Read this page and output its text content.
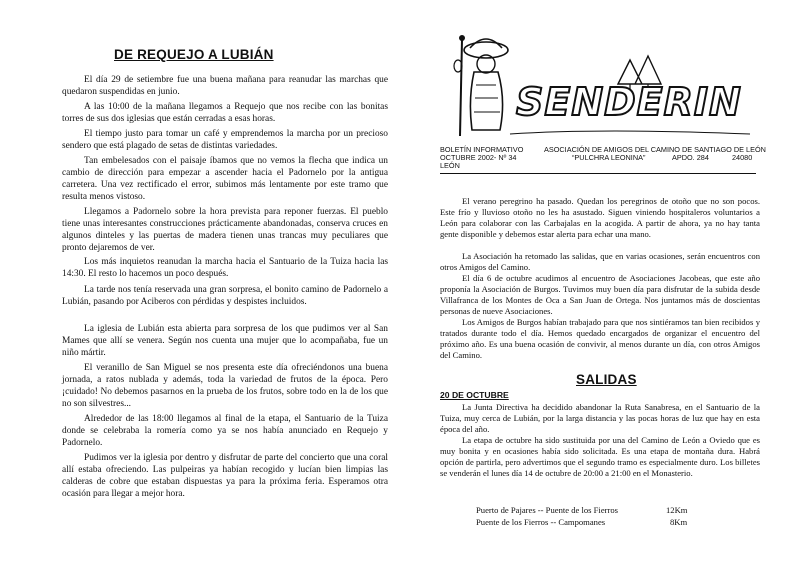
DE REQUEJO A LUBIÁN

El día 29 de setiembre fue una buena mañana para reanudar las marchas que quedaron suspendidas en junio.

A las 10:00 de la mañana llegamos a Requejo que nos recibe con las bonitas torres de sus dos iglesias que están cerradas a esas horas.

El tiempo justo para tomar un café y emprendemos la marcha por un precioso sendero que está plagado de setas de distintas variedades.

Tan embelesados con el paisaje íbamos que no vemos la flecha que indica un cambio de dirección para empezar a ascender hacia el Padornelo por la antigua carretera. Una vez rectificado el error, subimos más lentamente por este tramo que resulta menos vistoso.

Llegamos a Padornelo sobre la hora prevista para reponer fuerzas. El pueblo tiene unas interesantes construcciones prácticamente abandonadas, conserva cruces en algunos dinteles y las puertas de madera tienen unas trancas muy peculiares que pronto dejaremos de ver.

Los más inquietos reanudan la marcha hacia el Santuario de la Tuiza hacia las 14:30. El resto lo hacemos un poco después.

La tarde nos tenía reservada una gran sorpresa, el bonito camino de Padornelo a Lubián, pasando por Aciberos con pérdidas y despistes incluidos.

La iglesia de Lubián esta abierta para sorpresa de los que pudimos ver al San Mames que allí se venera. Según nos cuenta una mujer que lo acompañaba, fue un niño mártir.

El veranillo de San Miguel se nos presenta este día ofreciéndonos una buena jornada, a ratos nublada y además, toda la variedad de frutos de la época. Pero ¡cuidado! No debemos pasarnos en la prueba de los frutos, sobre todo en la de los que no son silvestres...

Alrededor de las 18:00 llegamos al final de la etapa, el Santuario de la Tuiza donde se celebraba la romería como ya se nos había anunciado en Requejo y Padornelo.

Pudimos ver la iglesia por dentro y disfrutar de parte del concierto que una coral allí estaba ofreciendo. Las pulpeiras ya habían recogido y lucían bien limpias las calderas de cobre que estaban dispuestas ya para la próxima feria. Esperamos otra ocasión para llegar a mejor hora.

SENDERIN
BOLETÍN INFORMATIVO
OCTUBRE 2002- Nº 34
LEÓN
ASOCIACIÓN DE AMIGOS DEL CAMINO DE SANTIAGO DE LEÓN
“PULCHRA LEONINA”	APDO. 284	24080

El verano peregrino ha pasado. Quedan los peregrinos de otoño que no son pocos. Este frío y lluvioso otoño no les ha asustado. Siguen viniendo hospitaleros voluntarios a León para colaborar con las Carbajalas en la acogida. A partir de ahora, ya no hay tanta gente disponible y debemos estar alerta para echar una mano.

La Asociación ha retomado las salidas, que en varias ocasiones, serán encuentros con otros Amigos del Camino.

El día 6 de octubre acudimos al encuentro de Asociaciones Jacobeas, que este año proponía la Asociación de Burgos. Tuvimos muy buen día para disfrutar de la subida desde Villafranca de los Montes de Oca a San Juan de Ortega. Nos juntamos más de doscientas personas de nueve Asociaciones.

Los Amigos de Burgos habían trabajado para que nos sintiéramos tan bien recibidos y tratados durante todo el día. Hemos quedado encargados de organizar el encuentro del próximo año. Es una buena ocasión de convivir, al menos durante un día, con otros Amigos del Camino.

SALIDAS
20 DE OCTUBRE

La Junta Directiva ha decidido abandonar la Ruta Sanabresa, en el Santuario de la Tuiza, muy cerca de Lubián, por la larga distancia y las pocas horas de luz que hay en esta época del año.

La etapa de octubre ha sido sustituida por una del Camino de León a Oviedo que es muy bonita y en ocasiones había sido solicitada. Es una etapa de montaña dura. Habrá opción de partirla, pero advertimos que el segundo tramo es especialmente duro. Los billetes se venderán el lunes día 14 de octubre de 20:00 a 21:00 en el Monasterio.

Puerto de Pajares -- Puente de los Fierros	12Km
Puente de los Fierros -- Campomanes	8Km
